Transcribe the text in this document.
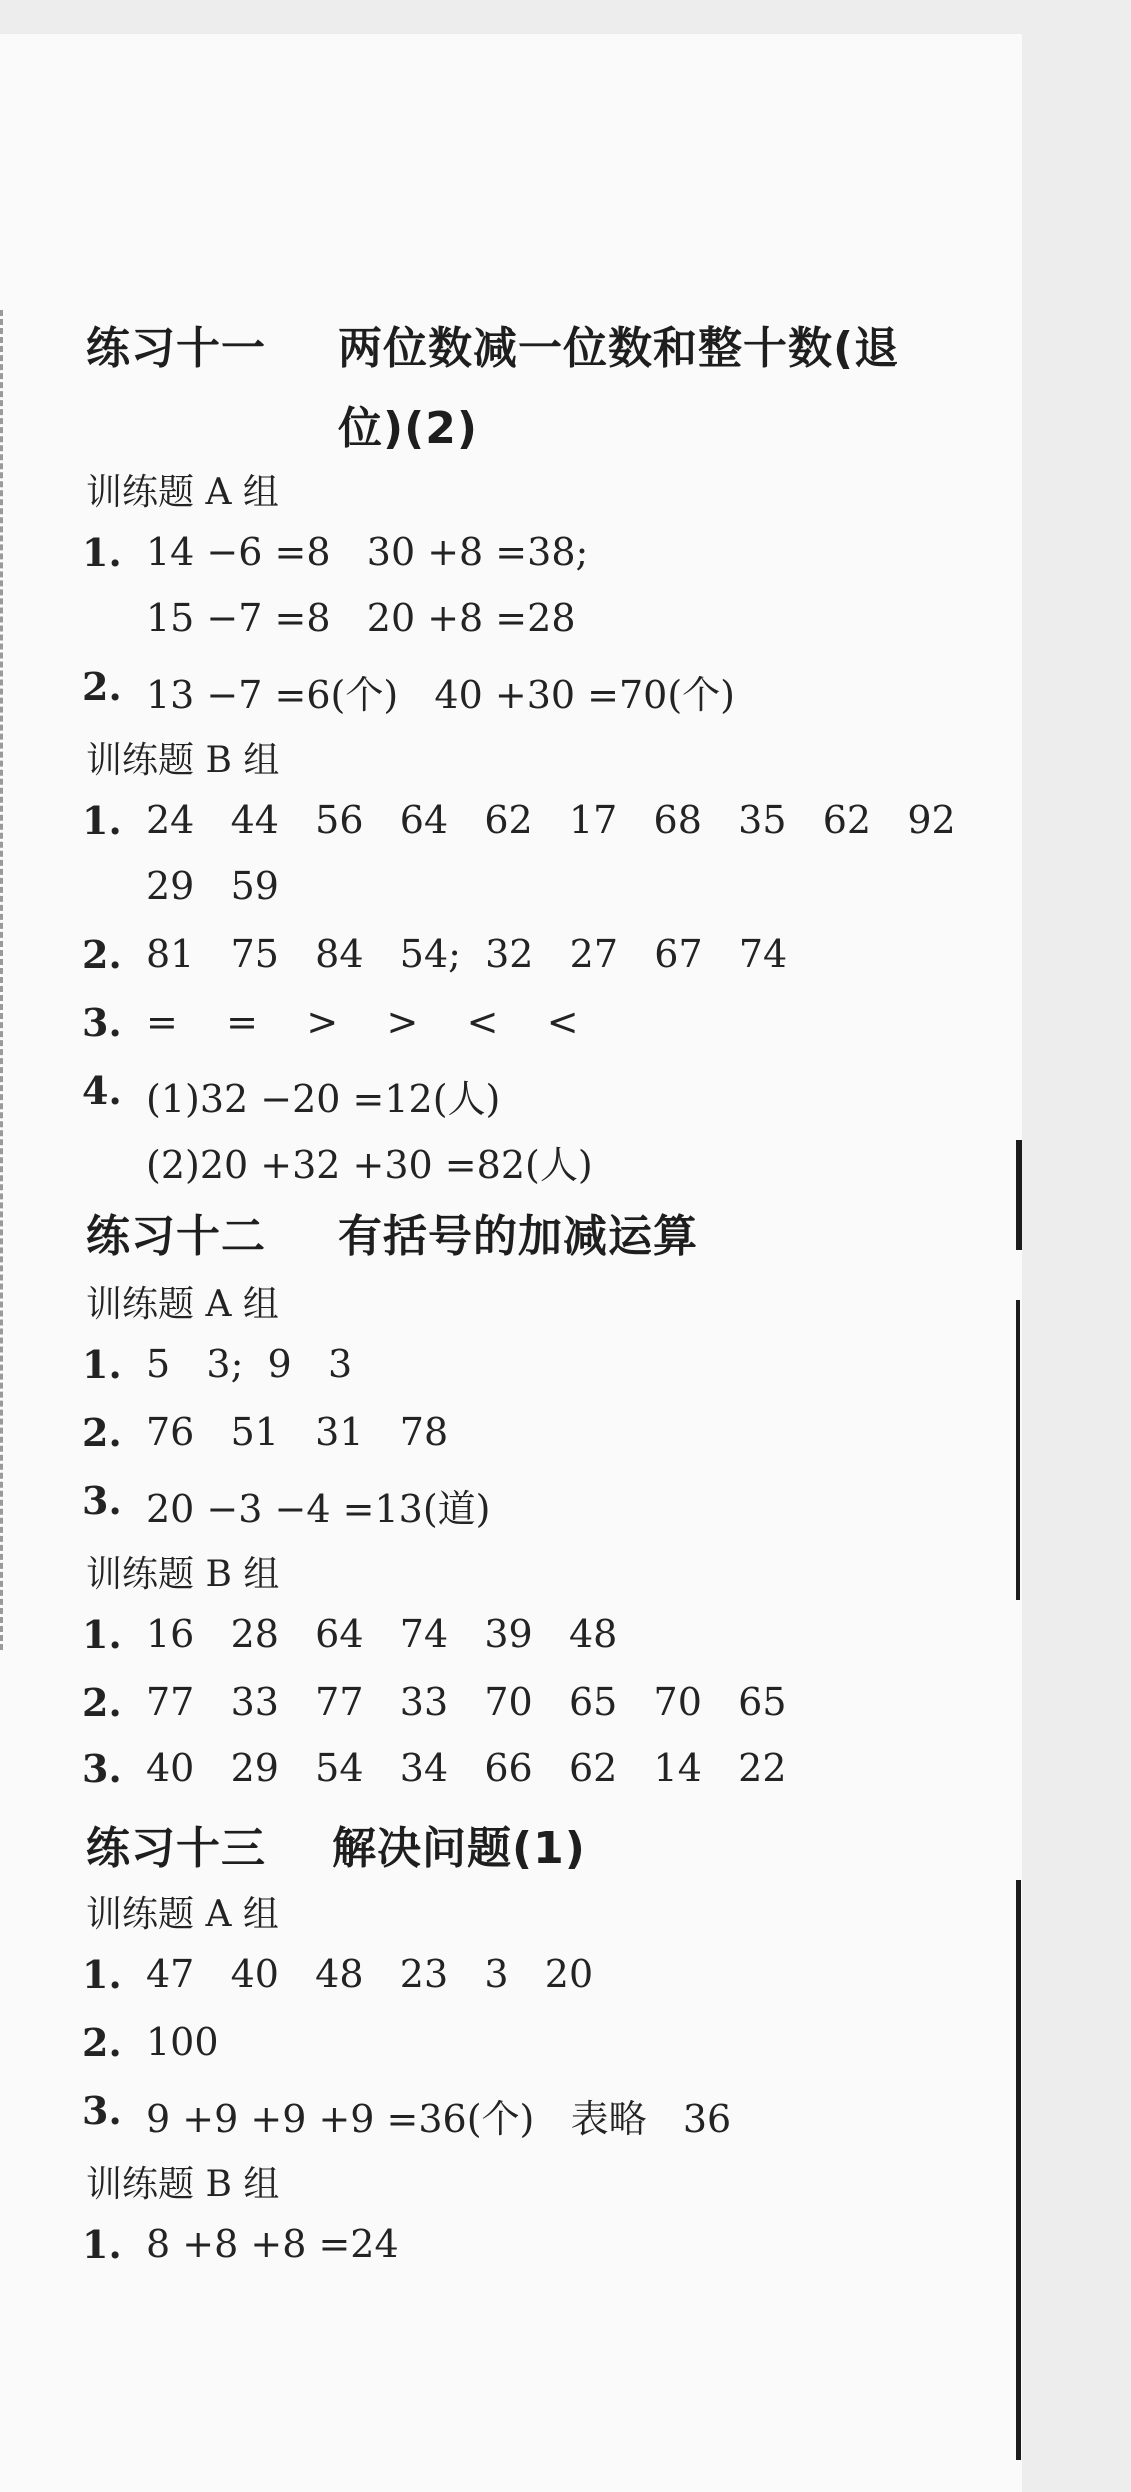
练习十一 两位数减一位数和整十数(退
位)(2)
训练题 A 组
1. 14 −6 =8   30 +8 =38;
15 −7 =8   20 +8 =28
2. 13 −7 =6(个)   40 +30 =70(个)
训练题 B 组
1. 24   44   56   64   62   17   68   35   62   92
29   59
2. 81   75   84   54;  32   27   67   74
3. =    =    >    >    <    <
4. (1)32 −20 =12(人)
(2)20 +32 +30 =82(人)
练习十二 有括号的加减运算
训练题 A 组
1. 5   3;  9   3
2. 76   51   31   78
3. 20 −3 −4 =13(道)
训练题 B 组
1. 16   28   64   74   39   48
2. 77   33   77   33   70   65   70   65
3. 40   29   54   34   66   62   14   22
练习十三 解决问题(1)
训练题 A 组
1. 47   40   48   23   3   20
2. 100
3. 9 +9 +9 +9 =36(个)   表略   36
训练题 B 组
1. 8 +8 +8 =24
